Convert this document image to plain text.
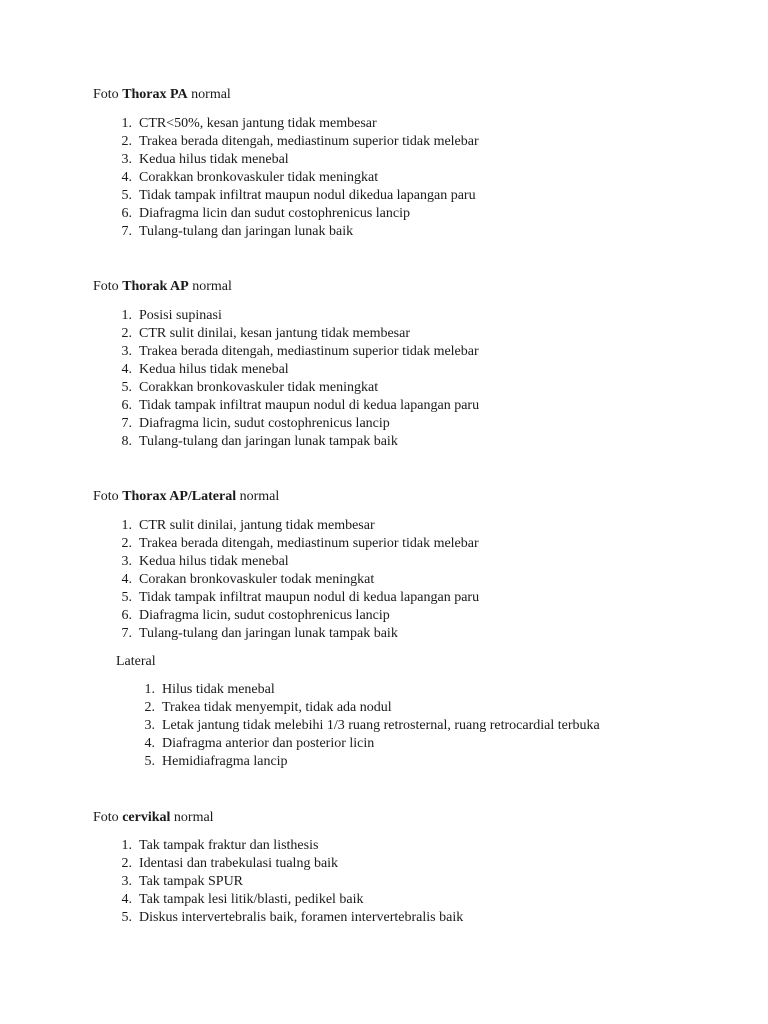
Foto Thorax PA normal
1. CTR<50%, kesan jantung tidak membesar
2. Trakea berada ditengah, mediastinum superior tidak melebar
3. Kedua hilus tidak menebal
4. Corakkan bronkovaskuler tidak meningkat
5. Tidak tampak infiltrat maupun nodul dikedua lapangan paru
6. Diafragma licin dan sudut costophrenicus lancip
7. Tulang-tulang dan jaringan lunak baik
Foto Thorak AP normal
1. Posisi supinasi
2. CTR sulit dinilai, kesan jantung tidak membesar
3. Trakea berada ditengah, mediastinum superior tidak melebar
4. Kedua hilus tidak menebal
5. Corakkan bronkovaskuler tidak meningkat
6. Tidak tampak infiltrat maupun nodul di kedua lapangan paru
7. Diafragma licin, sudut costophrenicus lancip
8. Tulang-tulang dan jaringan lunak tampak baik
Foto Thorax AP/Lateral normal
1. CTR sulit dinilai, jantung tidak membesar
2. Trakea berada ditengah, mediastinum superior tidak melebar
3. Kedua hilus tidak menebal
4. Corakan bronkovaskuler todak meningkat
5. Tidak tampak infiltrat maupun nodul di kedua lapangan paru
6. Diafragma licin, sudut costophrenicus lancip
7. Tulang-tulang dan jaringan lunak tampak baik
Lateral
1. Hilus tidak menebal
2. Trakea tidak menyempit, tidak ada nodul
3. Letak jantung tidak melebihi 1/3 ruang retrosternal, ruang retrocardial terbuka
4. Diafragma anterior dan posterior licin
5. Hemidiafragma lancip
Foto cervikal normal
1. Tak tampak fraktur dan listhesis
2. Identasi dan trabekulasi tualng baik
3. Tak tampak SPUR
4. Tak tampak lesi litik/blasti, pedikel baik
5. Diskus intervertebralis baik, foramen intervertebralis baik
